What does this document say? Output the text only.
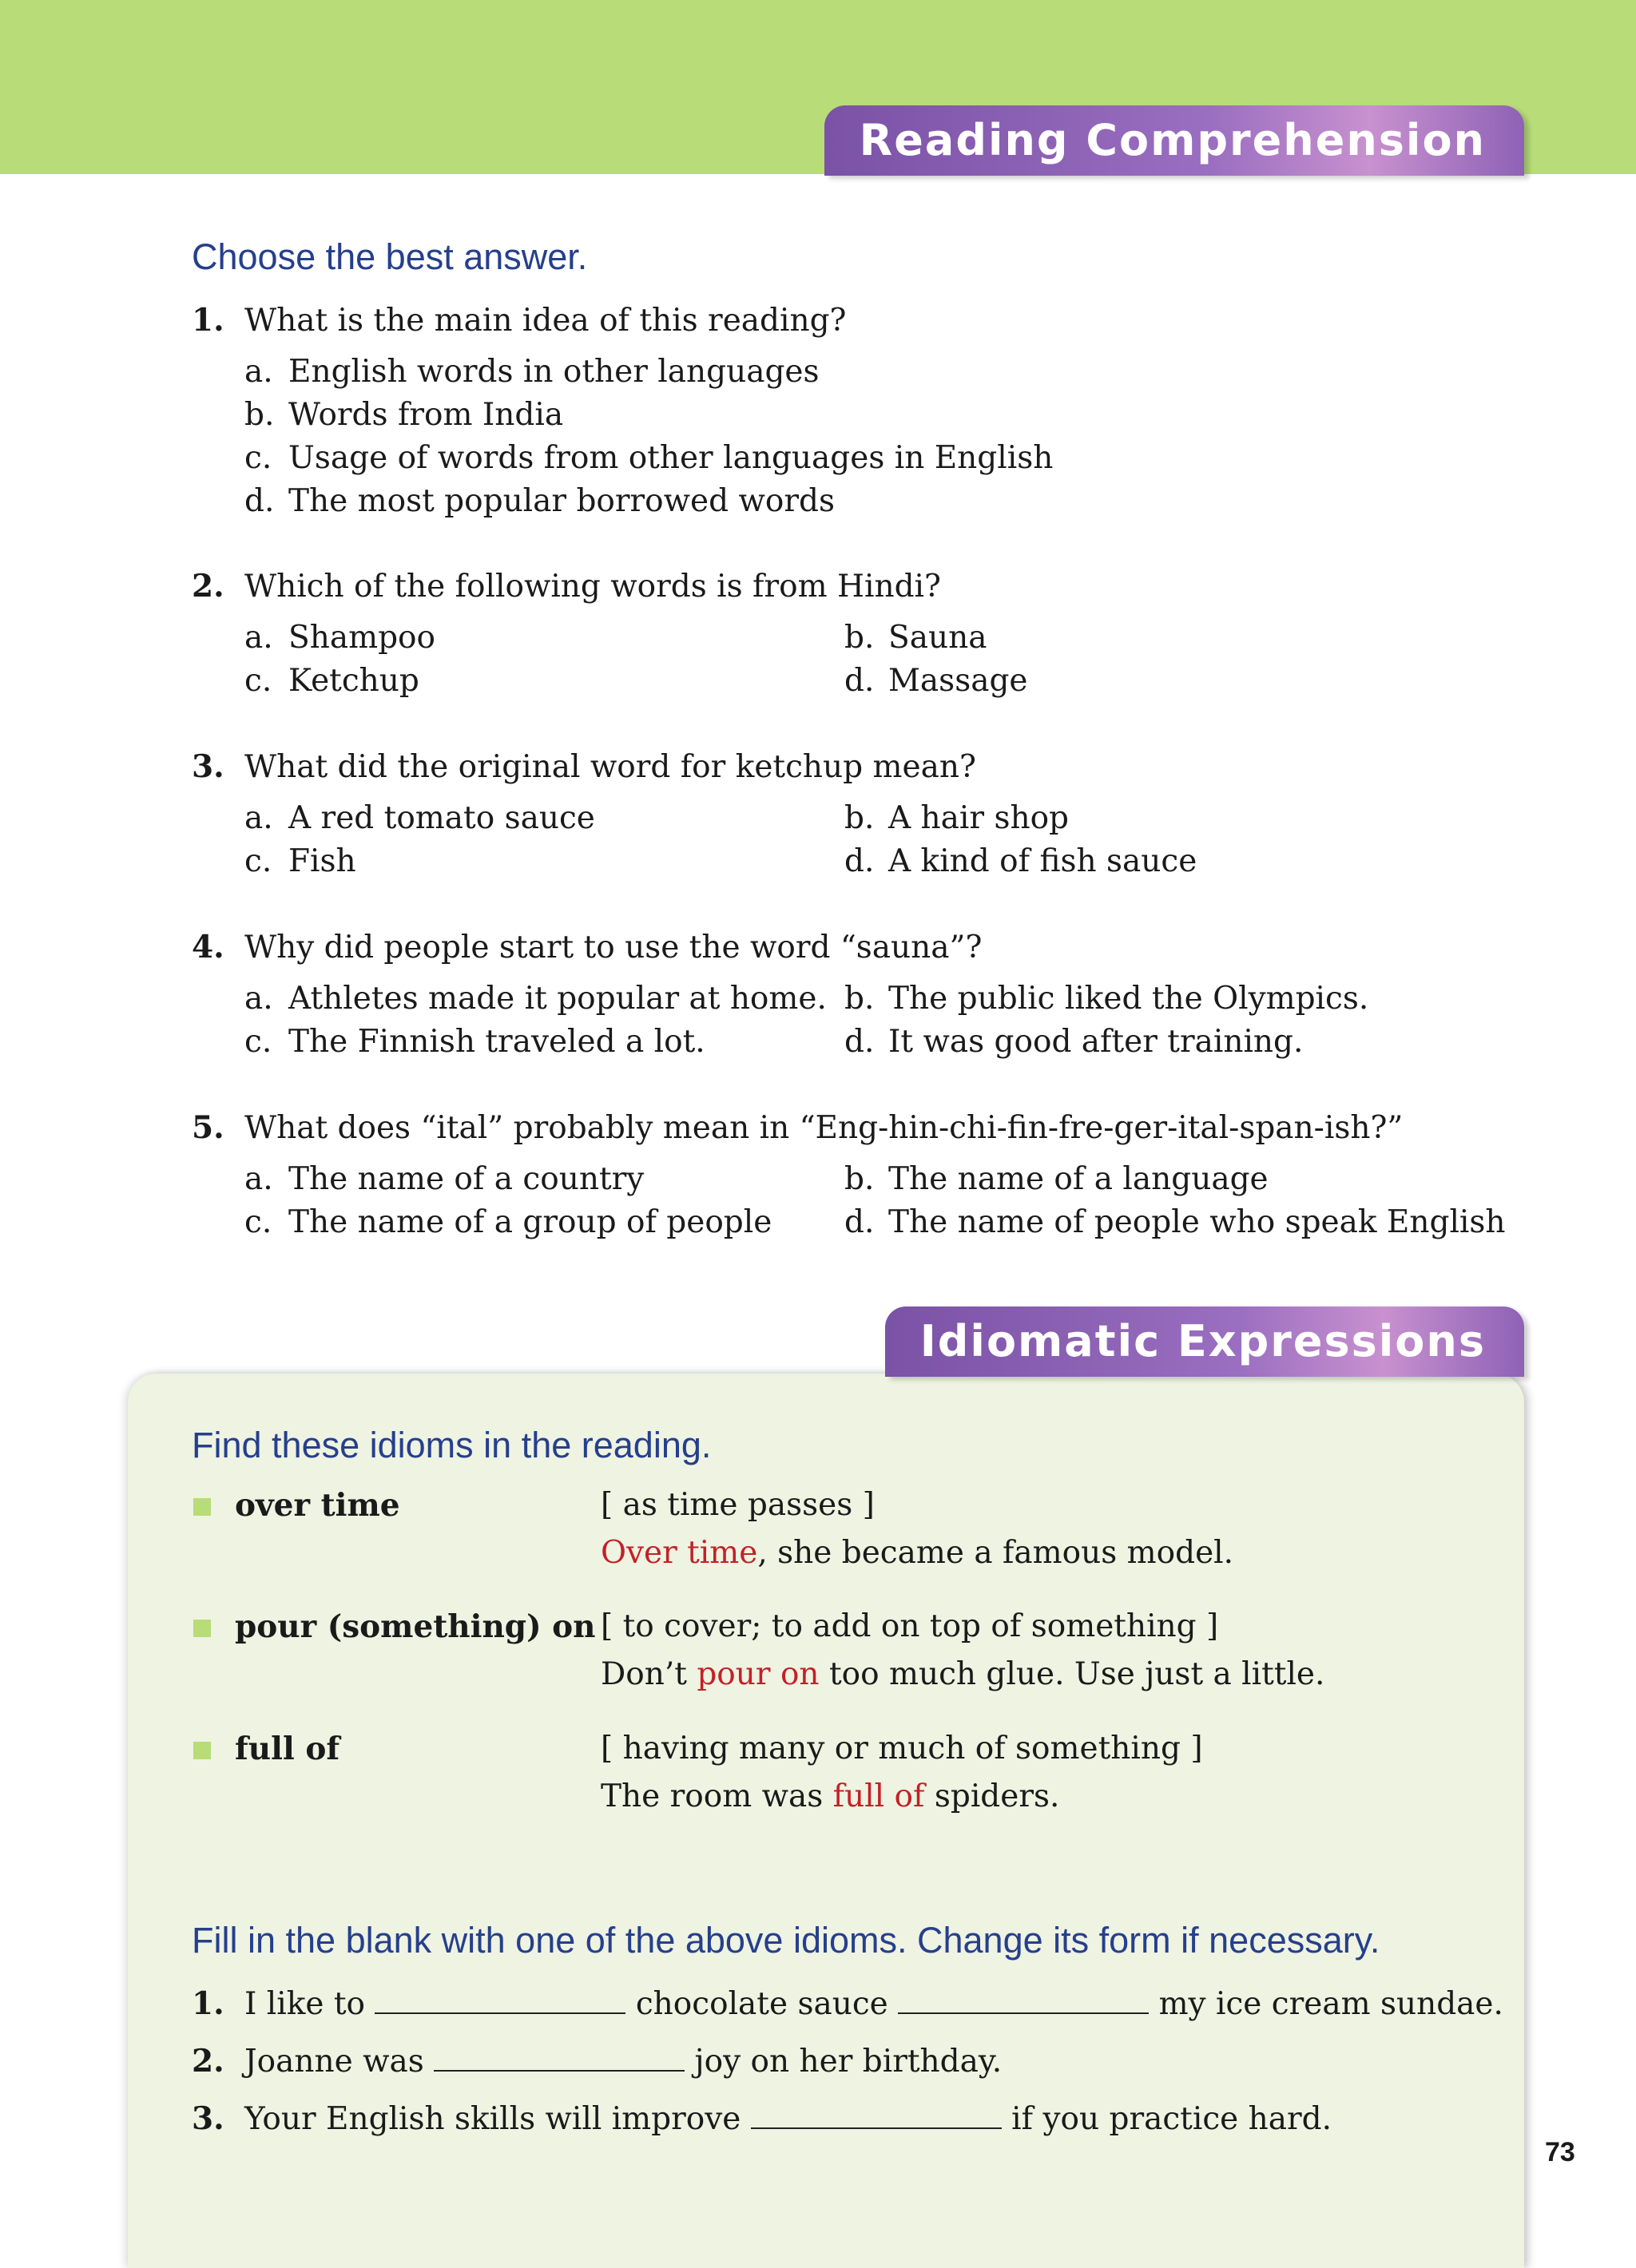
Reading Comprehension
Choose the best answer.
1. What is the main idea of this reading?
a. English words in other languages
b. Words from India
c. Usage of words from other languages in English
d. The most popular borrowed words
2. Which of the following words is from Hindi?
a. Shampoo	b. Sauna
c. Ketchup	d. Massage
3. What did the original word for ketchup mean?
a. A red tomato sauce	b. A hair shop
c. Fish	d. A kind of fish sauce
4. Why did people start to use the word “sauna”?
a. Athletes made it popular at home. b. The public liked the Olympics.
c. The Finnish traveled a lot.	d. It was good after training.
5. What does “ital” probably mean in “Eng-hin-chi-fin-fre-ger-ital-span-ish?”
a. The name of a country	b. The name of a language
c. The name of a group of people d. The name of people who speak English
Idiomatic Expressions
Find these idioms in the reading.
over time	[ as time passes ]
Over time, she became a famous model.
pour (something) on [ to cover; to add on top of something ]
Don’t pour on too much glue. Use just a little.
full of	[ having many or much of something ]
The room was full of spiders.
Fill in the blank with one of the above idioms. Change its form if necessary.
1. I like to	chocolate sauce	my ice cream sundae.
2. Joanne was	joy on her birthday.
3. Your English skills will improve	if you practice hard.
73
